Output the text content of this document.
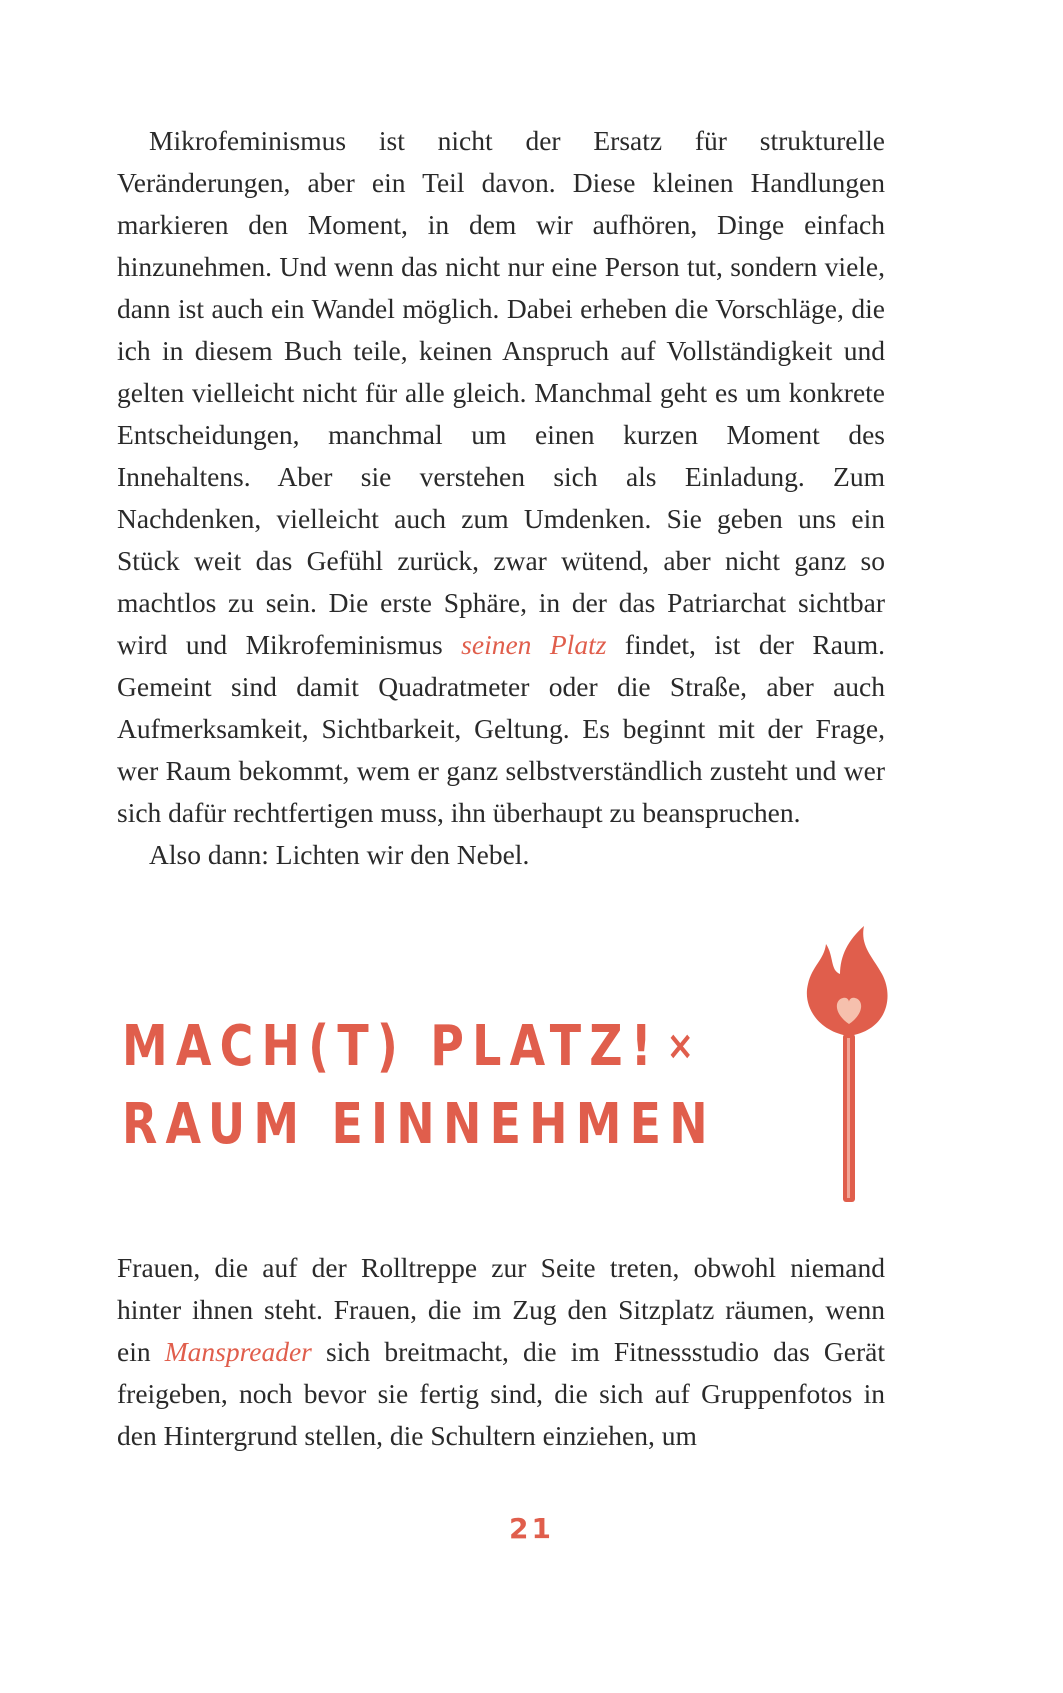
Mikrofeminismus ist nicht der Ersatz für strukturelle Veränderungen, aber ein Teil davon. Diese kleinen Handlungen markieren den Moment, in dem wir aufhören, Dinge einfach hinzunehmen. Und wenn das nicht nur eine Person tut, sondern viele, dann ist auch ein Wandel möglich. Dabei erheben die Vorschläge, die ich in diesem Buch teile, keinen Anspruch auf Vollständigkeit und gelten vielleicht nicht für alle gleich. Manchmal geht es um konkrete Entscheidungen, manchmal um einen kurzen Moment des Innehaltens. Aber sie verstehen sich als Einladung. Zum Nachdenken, vielleicht auch zum Umdenken. Sie geben uns ein Stück weit das Gefühl zurück, zwar wütend, aber nicht ganz so machtlos zu sein. Die erste Sphäre, in der das Patriarchat sichtbar wird und Mikrofeminismus seinen Platz findet, ist der Raum. Gemeint sind damit Quadratmeter oder die Straße, aber auch Aufmerksamkeit, Sichtbarkeit, Geltung. Es beginnt mit der Frage, wer Raum bekommt, wem er ganz selbstverständlich zusteht und wer sich dafür rechtfertigen muss, ihn überhaupt zu beanspruchen.

Also dann: Lichten wir den Nebel.

MACH(T) PLATZ! ×
RAUM EINNEHMEN

Frauen, die auf der Rolltreppe zur Seite treten, obwohl niemand hinter ihnen steht. Frauen, die im Zug den Sitzplatz räumen, wenn ein Manspreader sich breitmacht, die im Fitnessstudio das Gerät freigeben, noch bevor sie fertig sind, die sich auf Gruppenfotos in den Hintergrund stellen, die Schultern einziehen, um

21
